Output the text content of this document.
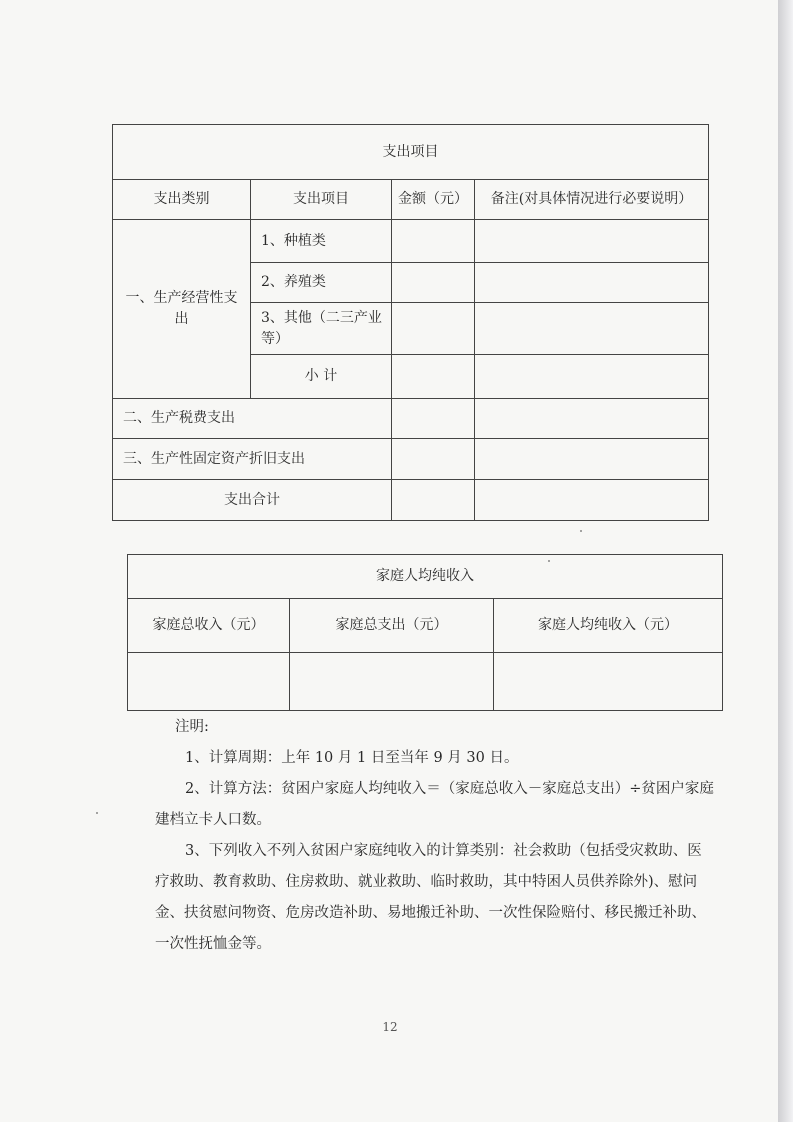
支出项目			
支出类别	支出项目	金额（元）	备注(对具体情况进行必要说明）
一、生产经营性支出	1、种植类		
	2、养殖类		
	3、其他（二三产业等）		
	小 计		
二、生产税费支出			
三、生产性固定资产折旧支出			
支出合计			
家庭人均纯收入		
家庭总收入（元）	家庭总支出（元）	家庭人均纯收入（元）

注明:

1、计算周期：上年 10 月 1 日至当年 9 月 30 日。

2、计算方法：贫困户家庭人均纯收入＝（家庭总收入－家庭总支出）÷贫困户家庭建档立卡人口数。

3、下列收入不列入贫困户家庭纯收入的计算类别：社会救助（包括受灾救助、医疗救助、教育救助、住房救助、就业救助、临时救助，其中特困人员供养除外)、慰问金、扶贫慰问物资、危房改造补助、易地搬迁补助、一次性保险赔付、移民搬迁补助、一次性抚恤金等。

12
